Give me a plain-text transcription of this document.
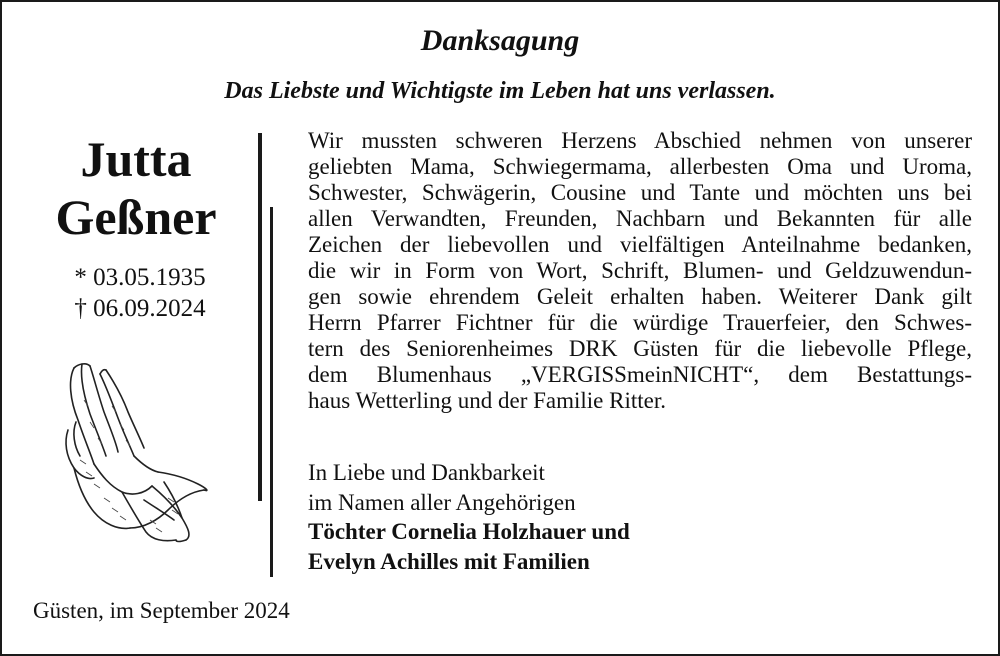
Danksagung
Das Liebste und Wichtigste im Leben hat uns verlassen.
Jutta
Geßner
* 03.05.1935
† 06.09.2024
Wir mussten schweren Herzens Abschied nehmen von unserer
geliebten Mama, Schwiegermama, allerbesten Oma und Uroma,
Schwester, Schwägerin, Cousine und Tante und möchten uns bei
allen Verwandten, Freunden, Nachbarn und Bekannten für alle
Zeichen der liebevollen und vielfältigen Anteilnahme bedanken,
die wir in Form von Wort, Schrift, Blumen- und Geldzuwendun-
gen sowie ehrendem Geleit erhalten haben. Weiterer Dank gilt
Herrn Pfarrer Fichtner für die würdige Trauerfeier, den Schwes-
tern des Seniorenheimes DRK Güsten für die liebevolle Pflege,
dem Blumenhaus „VERGISSmeinNICHT“, dem Bestattungs-
haus Wetterling und der Familie Ritter.
In Liebe und Dankbarkeit
im Namen aller Angehörigen
Töchter Cornelia Holzhauer und
Evelyn Achilles mit Familien
Güsten, im September 2024
